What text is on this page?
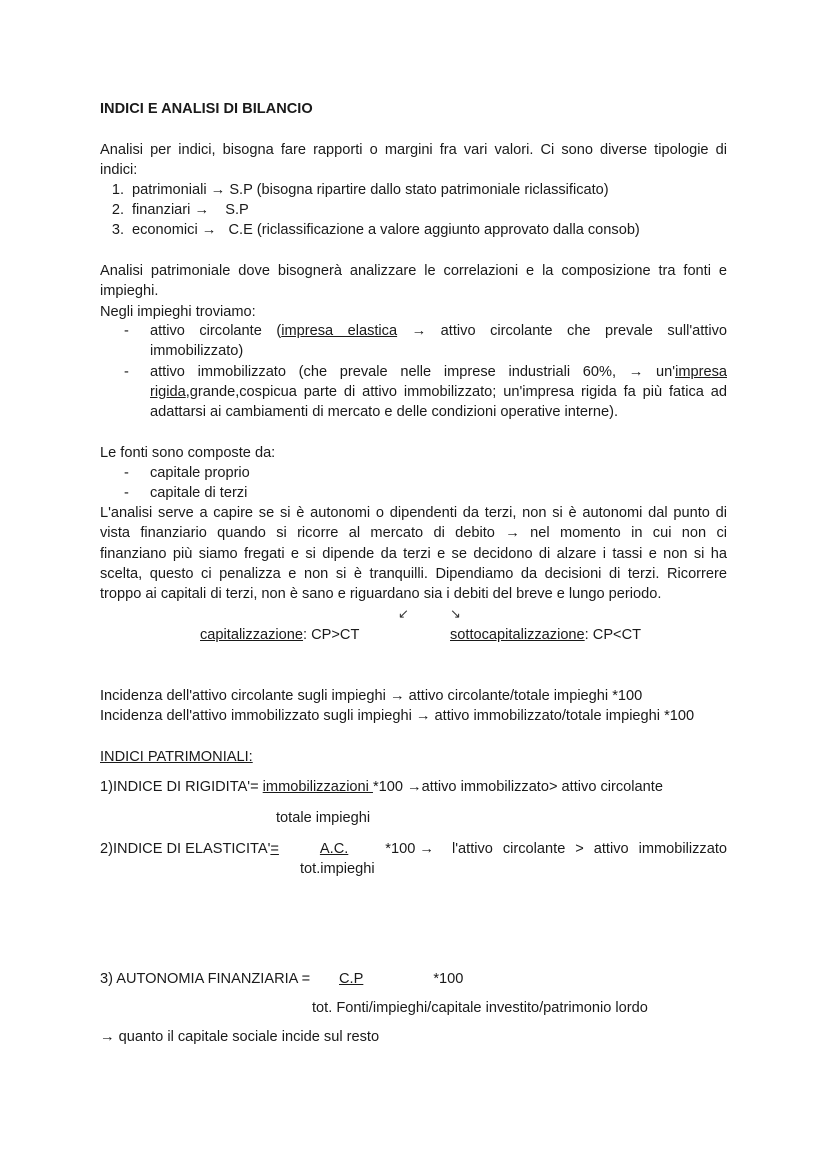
INDICI E ANALISI DI BILANCIO
Analisi per indici, bisogna fare rapporti o margini fra vari valori. Ci sono diverse tipologie di
indici:
1. patrimoniali → S.P (bisogna ripartire dallo stato patrimoniale riclassificato)
2. finanziari →    S.P
3. economici →   C.E (riclassificazione a valore aggiunto approvato dalla consob)
Analisi patrimoniale dove bisognerà analizzare le correlazioni e la composizione tra fonti e
impieghi.
Negli impieghi troviamo:
- attivo circolante (impresa elastica → attivo circolante che prevale sull'attivo
immobilizzato)
- attivo immobilizzato (che prevale nelle imprese industriali 60%, → un'impresa
rigida,grande,cospicua parte di attivo immobilizzato; un'impresa rigida fa più fatica ad
adattarsi ai cambiamenti di mercato e delle condizioni operative interne).
Le fonti sono composte da:
- capitale proprio
- capitale di terzi
L'analisi serve a capire se si è autonomi o dipendenti da terzi, non si è autonomi dal punto di
vista finanziario quando si ricorre al mercato di debito → nel momento in cui non ci
finanziano più siamo fregati e si dipende da terzi e se decidono di alzare i tassi e non si ha
scelta, questo ci penalizza e non si è tranquilli. Dipendiamo da decisioni di terzi. Ricorrere
troppo ai capitali di terzi, non è sano e riguardano sia i debiti del breve e lungo periodo.
↙	↘
capitalizzazione: CP>CT	sottocapitalizzazione: CP<CT
Incidenza dell'attivo circolante sugli impieghi → attivo circolante/totale impieghi *100
Incidenza dell'attivo immobilizzato sugli impieghi → attivo immobilizzato/totale impieghi *100
INDICI PATRIMONIALI:
1)INDICE DI RIGIDITA'= immobilizzazioni *100 →attivo immobilizzato> attivo circolante
totale impieghi
2)INDICE DI ELASTICITA'=	A.C.	*100 → l'attivo circolante > attivo immobilizzato
tot.impieghi
3) AUTONOMIA FINANZIARIA = C.P	*100
tot. Fonti/impieghi/capitale investito/patrimonio lordo
→ quanto il capitale sociale incide sul resto
